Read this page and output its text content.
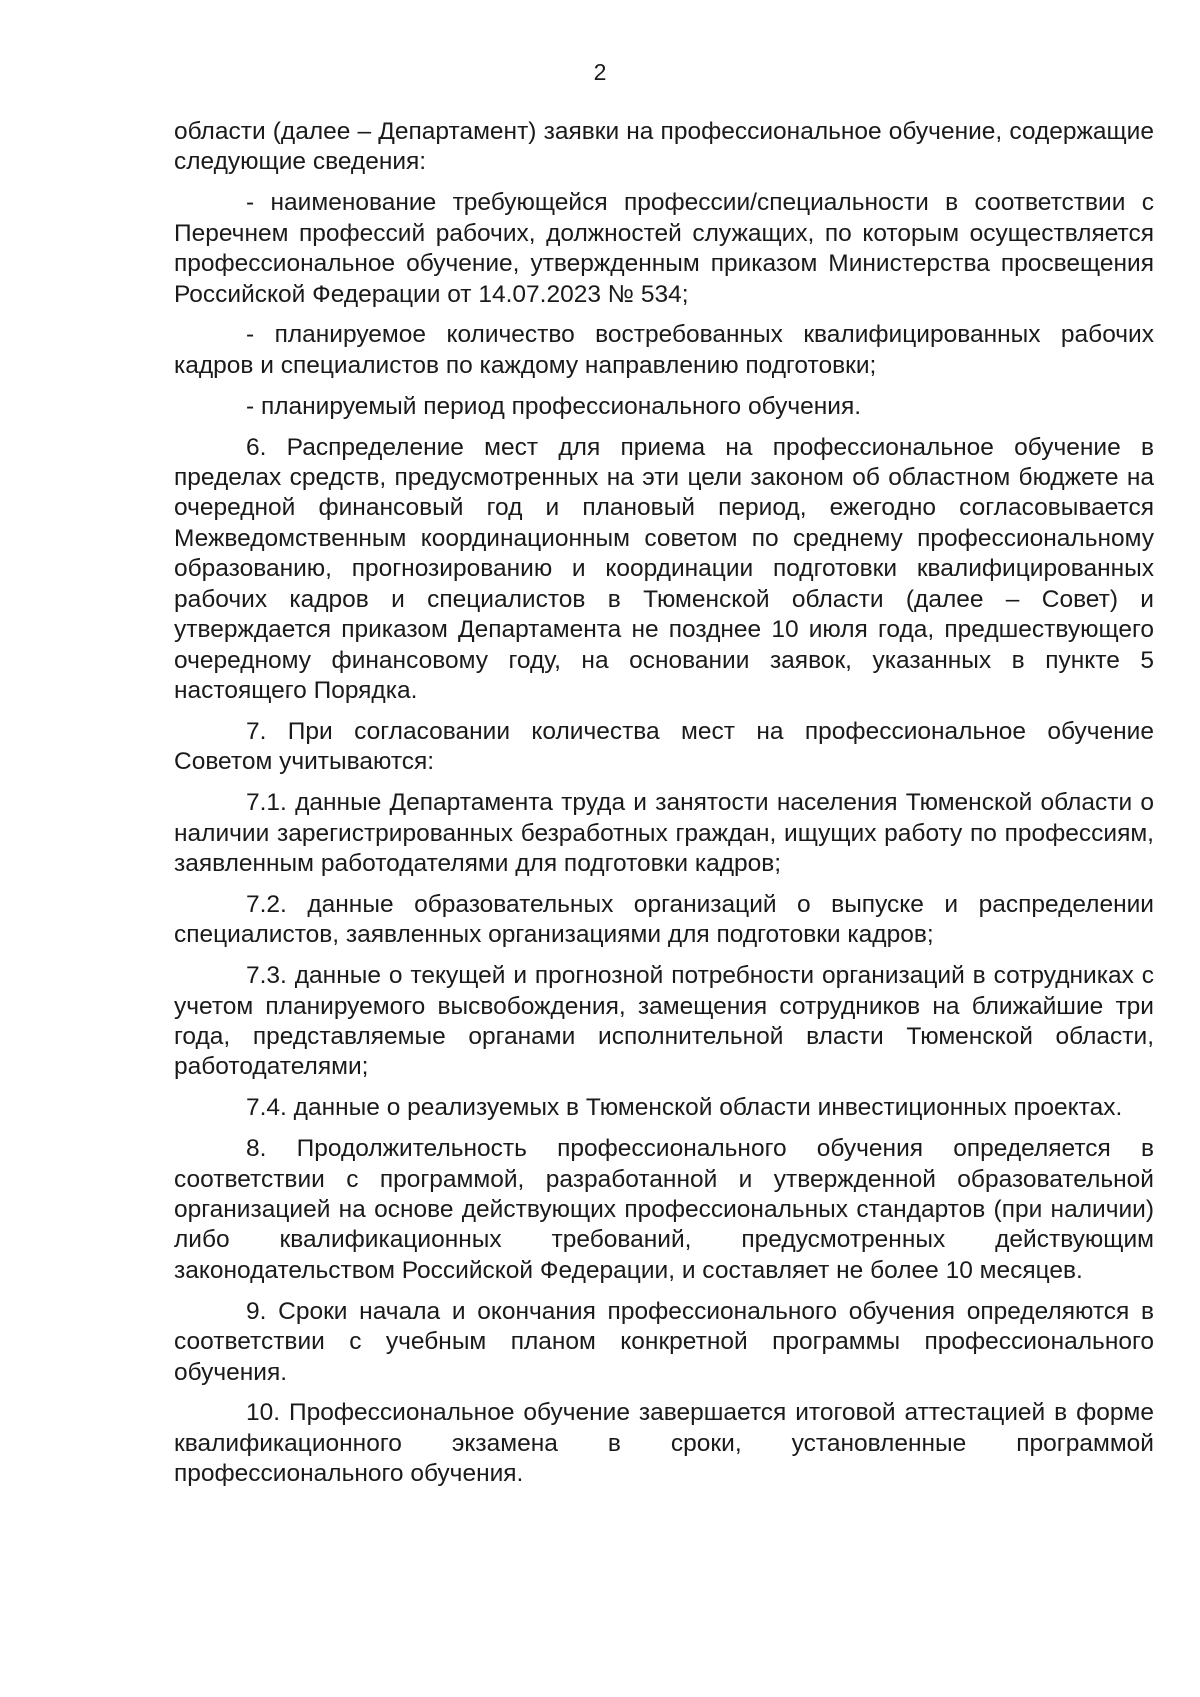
2

области (далее – Департамент) заявки на профессиональное обучение, содержащие следующие сведения:

- наименование требующейся профессии/специальности в соответствии с Перечнем профессий рабочих, должностей служащих, по которым осуществляется профессиональное обучение, утвержденным приказом Министерства просвещения Российской Федерации от 14.07.2023 № 534;

- планируемое количество востребованных квалифицированных рабочих кадров и специалистов по каждому направлению подготовки;

- планируемый период профессионального обучения.

6. Распределение мест для приема на профессиональное обучение в пределах средств, предусмотренных на эти цели законом об областном бюджете на очередной финансовый год и плановый период, ежегодно согласовывается Межведомственным координационным советом по среднему профессиональному образованию, прогнозированию и координации подготовки квалифицированных рабочих кадров и специалистов в Тюменской области (далее – Совет) и утверждается приказом Департамента не позднее 10 июля года, предшествующего очередному финансовому году, на основании заявок, указанных в пункте 5 настоящего Порядка.

7. При согласовании количества мест на профессиональное обучение Советом учитываются:

7.1. данные Департамента труда и занятости населения Тюменской области о наличии зарегистрированных безработных граждан, ищущих работу по профессиям, заявленным работодателями для подготовки кадров;

7.2. данные образовательных организаций о выпуске и распределении специалистов, заявленных организациями для подготовки кадров;

7.3. данные о текущей и прогнозной потребности организаций в сотрудниках с учетом планируемого высвобождения, замещения сотрудников на ближайшие три года, представляемые органами исполнительной власти Тюменской области, работодателями;

7.4. данные о реализуемых в Тюменской области инвестиционных проектах.

8. Продолжительность профессионального обучения определяется в соответствии с программой, разработанной и утвержденной образовательной организацией на основе действующих профессиональных стандартов (при наличии) либо квалификационных требований, предусмотренных действующим законодательством Российской Федерации, и составляет не более 10 месяцев.

9. Сроки начала и окончания профессионального обучения определяются в соответствии с учебным планом конкретной программы профессионального обучения.

10. Профессиональное обучение завершается итоговой аттестацией в форме квалификационного экзамена в сроки, установленные программой профессионального обучения.
